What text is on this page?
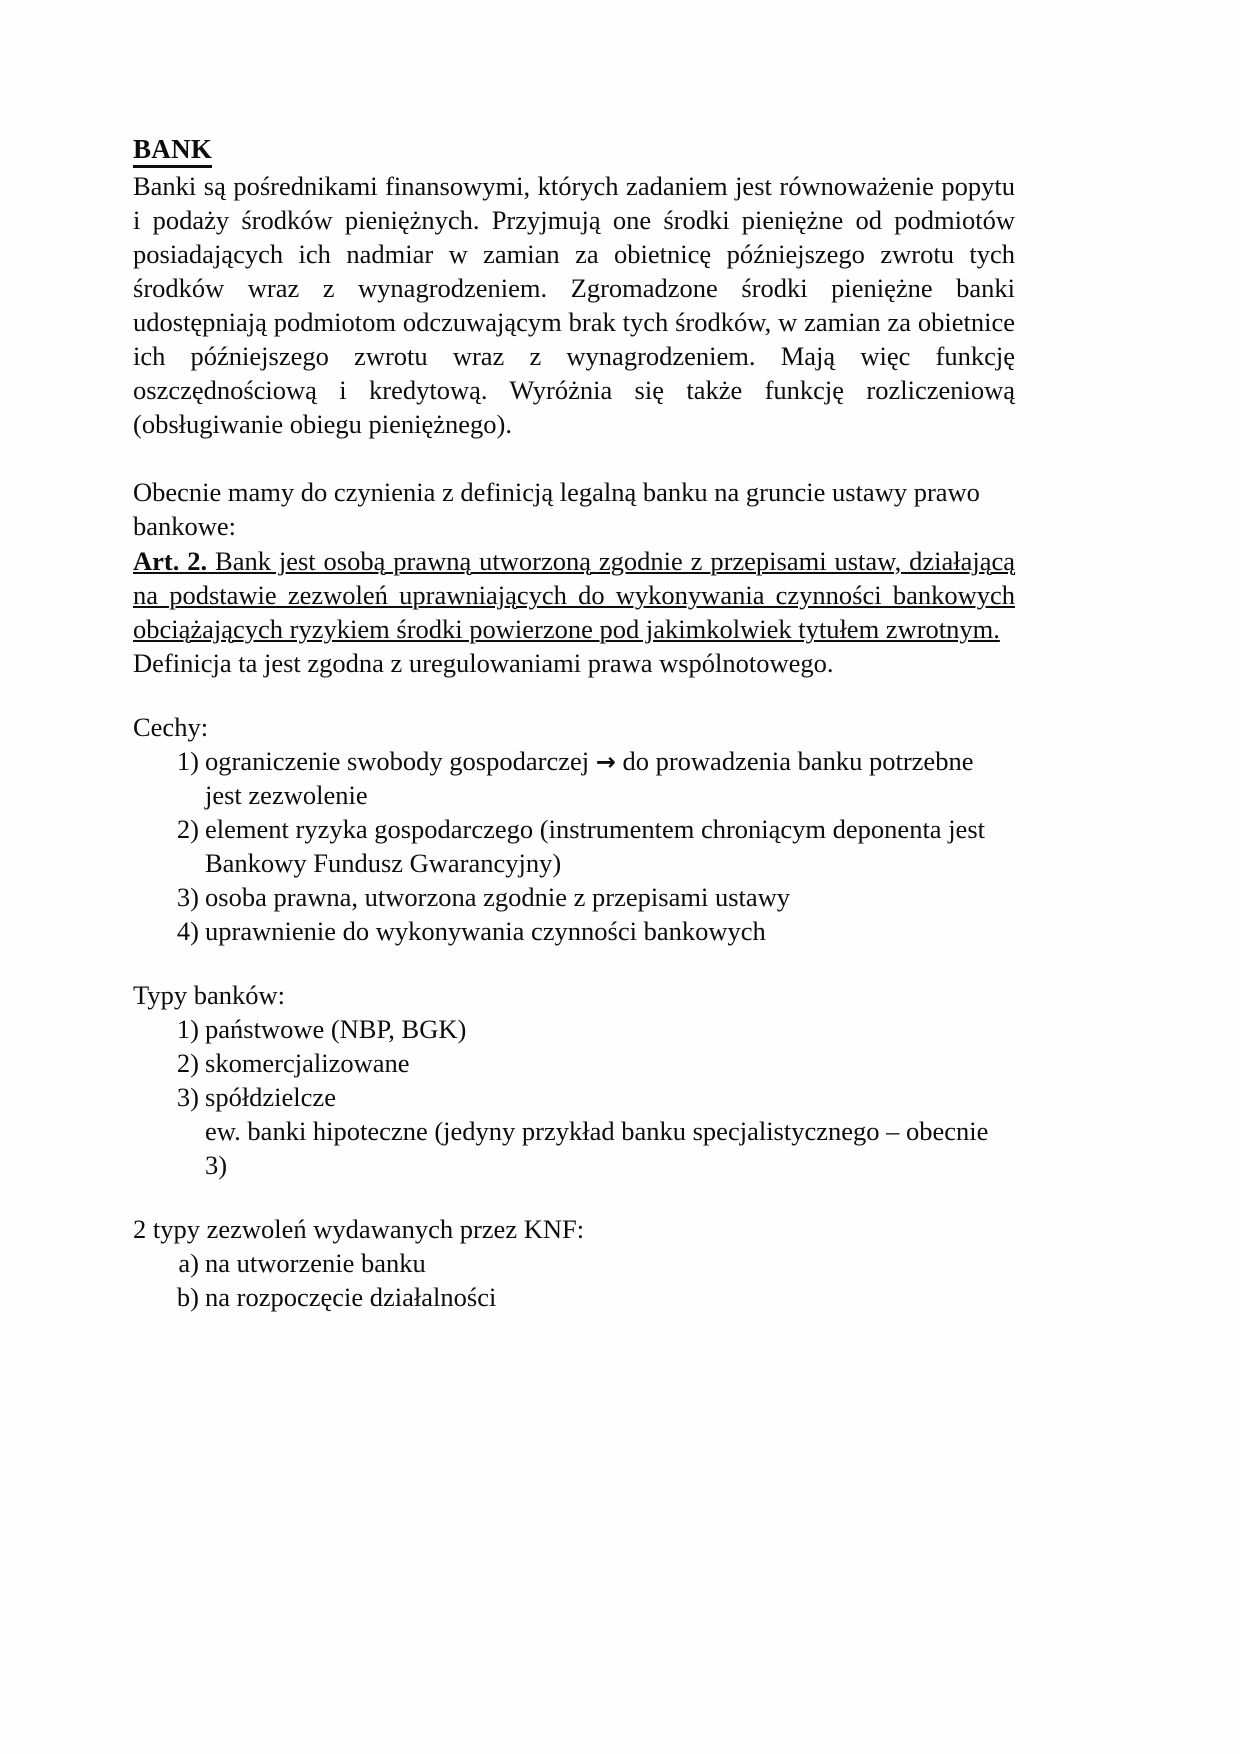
BANK

Banki są pośrednikami finansowymi, których zadaniem jest równoważenie popytu i podaży środków pieniężnych. Przyjmują one środki pieniężne od podmiotów posiadających ich nadmiar w zamian za obietnicę późniejszego zwrotu tych środków wraz z wynagrodzeniem. Zgromadzone środki pieniężne banki udostępniają podmiotom odczuwającym brak tych środków, w zamian za obietnice ich późniejszego zwrotu wraz z wynagrodzeniem. Mają więc funkcję oszczędnościową i kredytową. Wyróżnia się także funkcję rozliczeniową (obsługiwanie obiegu pieniężnego).

Obecnie mamy do czynienia z definicją legalną banku na gruncie ustawy prawo bankowe:

Art. 2. Bank jest osobą prawną utworzoną zgodnie z przepisami ustaw, działającą na podstawie zezwoleń uprawniających do wykonywania czynności bankowych obciążających ryzykiem środki powierzone pod jakimkolwiek tytułem zwrotnym.

Definicja ta jest zgodna z uregulowaniami prawa wspólnotowego.

Cechy:

1) ograniczenie swobody gospodarczej → do prowadzenia banku potrzebne jest zezwolenie
2) element ryzyka gospodarczego (instrumentem chroniącym deponenta jest Bankowy Fundusz Gwarancyjny)
3) osoba prawna, utworzona zgodnie z przepisami ustawy
4) uprawnienie do wykonywania czynności bankowych

Typy banków:

1) państwowe (NBP, BGK)
2) skomercjalizowane
3) spółdzielcze
ew. banki hipoteczne (jedyny przykład banku specjalistycznego – obecnie 3)

2 typy zezwoleń wydawanych przez KNF:

a) na utworzenie banku
b) na rozpoczęcie działalności
